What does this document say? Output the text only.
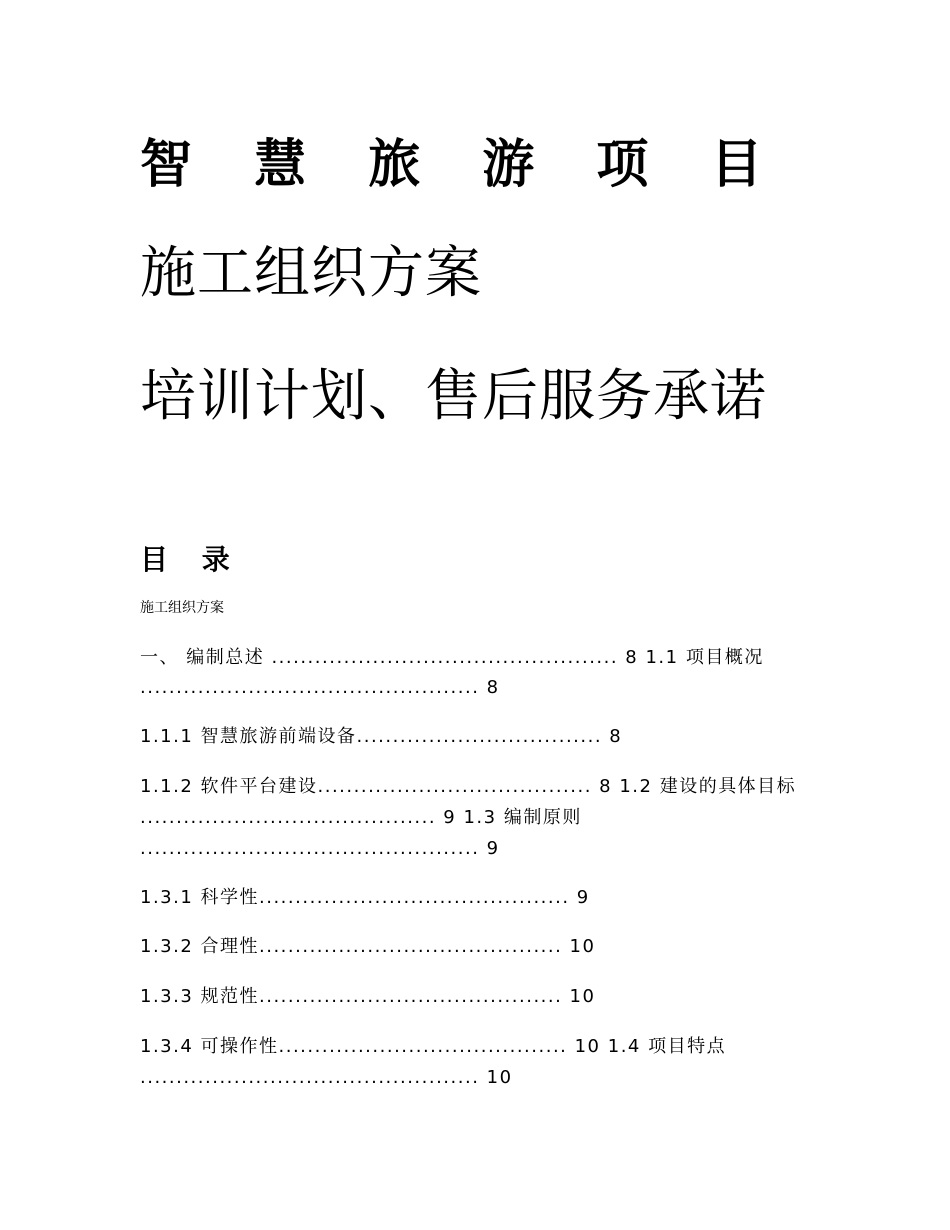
智 慧 旅 游 项 目
施工组织方案
培训计划、售后服务承诺
目 录
施工组织方案
一、 编制总述 ................................................ 8 1.1 项目概况
............................................... 8
1.1.1 智慧旅游前端设备.................................. 8
1.1.2 软件平台建设...................................... 8 1.2 建设的具体目标
......................................... 9 1.3 编制原则
............................................... 9
1.3.1 科学性........................................... 9
1.3.2 合理性.......................................... 10
1.3.3 规范性.......................................... 10
1.3.4 可操作性........................................ 10 1.4 项目特点
............................................... 10
